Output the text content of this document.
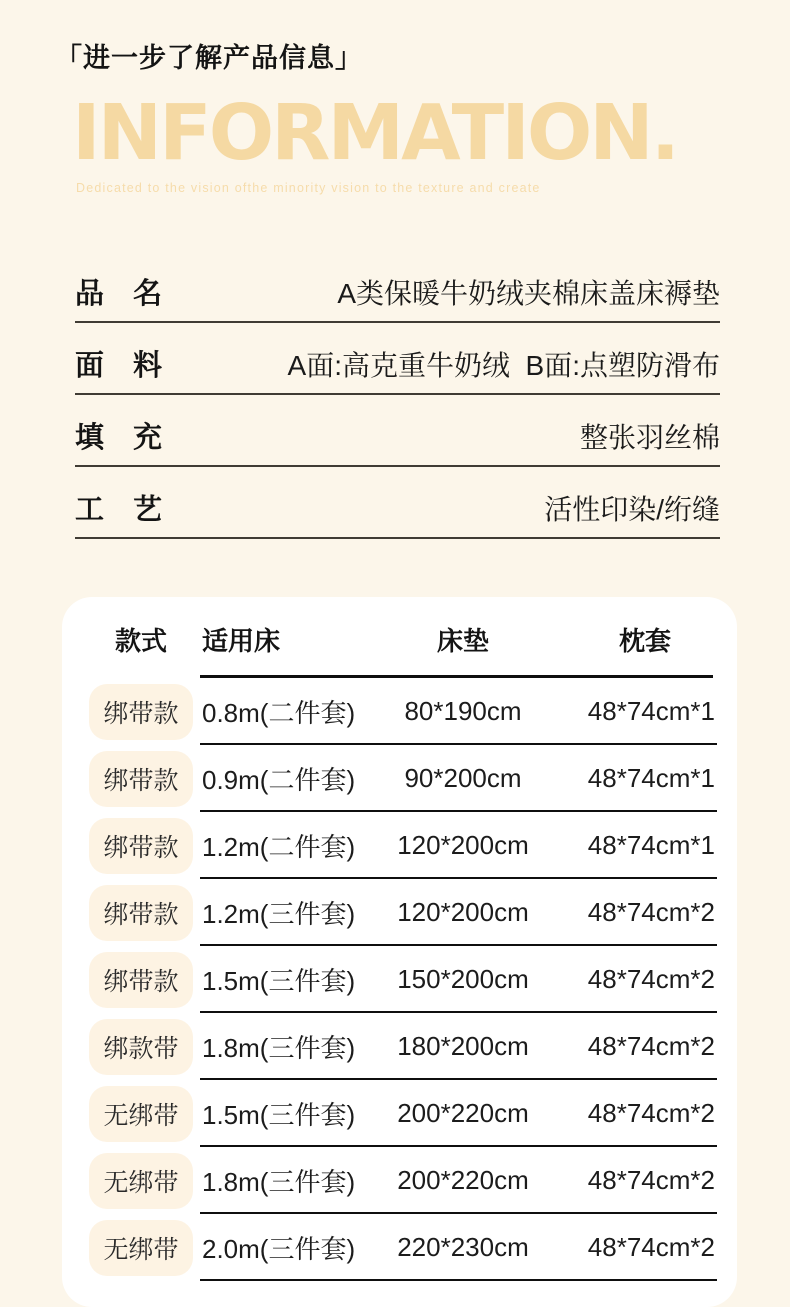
「进一步了解产品信息」
INFORMATION.
Dedicated to the vision ofthe minority vision to the texture and create
品　名	A类保暖牛奶绒夹棉床盖床褥垫
面　料	A面:高克重牛奶绒  B面:点塑防滑布
填　充	整张羽丝棉
工　艺	活性印染/绗缝
款式	适用床	床垫	枕套
绑带款 0.8m(二件套)	80*190cm	48*74cm*1
绑带款 0.9m(二件套)	90*200cm	48*74cm*1
绑带款 1.2m(二件套)	120*200cm	48*74cm*1
绑带款 1.2m(三件套)	120*200cm	48*74cm*2
绑带款 1.5m(三件套)	150*200cm	48*74cm*2
绑款带 1.8m(三件套)	180*200cm	48*74cm*2
无绑带 1.5m(三件套)	200*220cm	48*74cm*2
无绑带 1.8m(三件套)	200*220cm	48*74cm*2
无绑带 2.0m(三件套)	220*230cm	48*74cm*2
